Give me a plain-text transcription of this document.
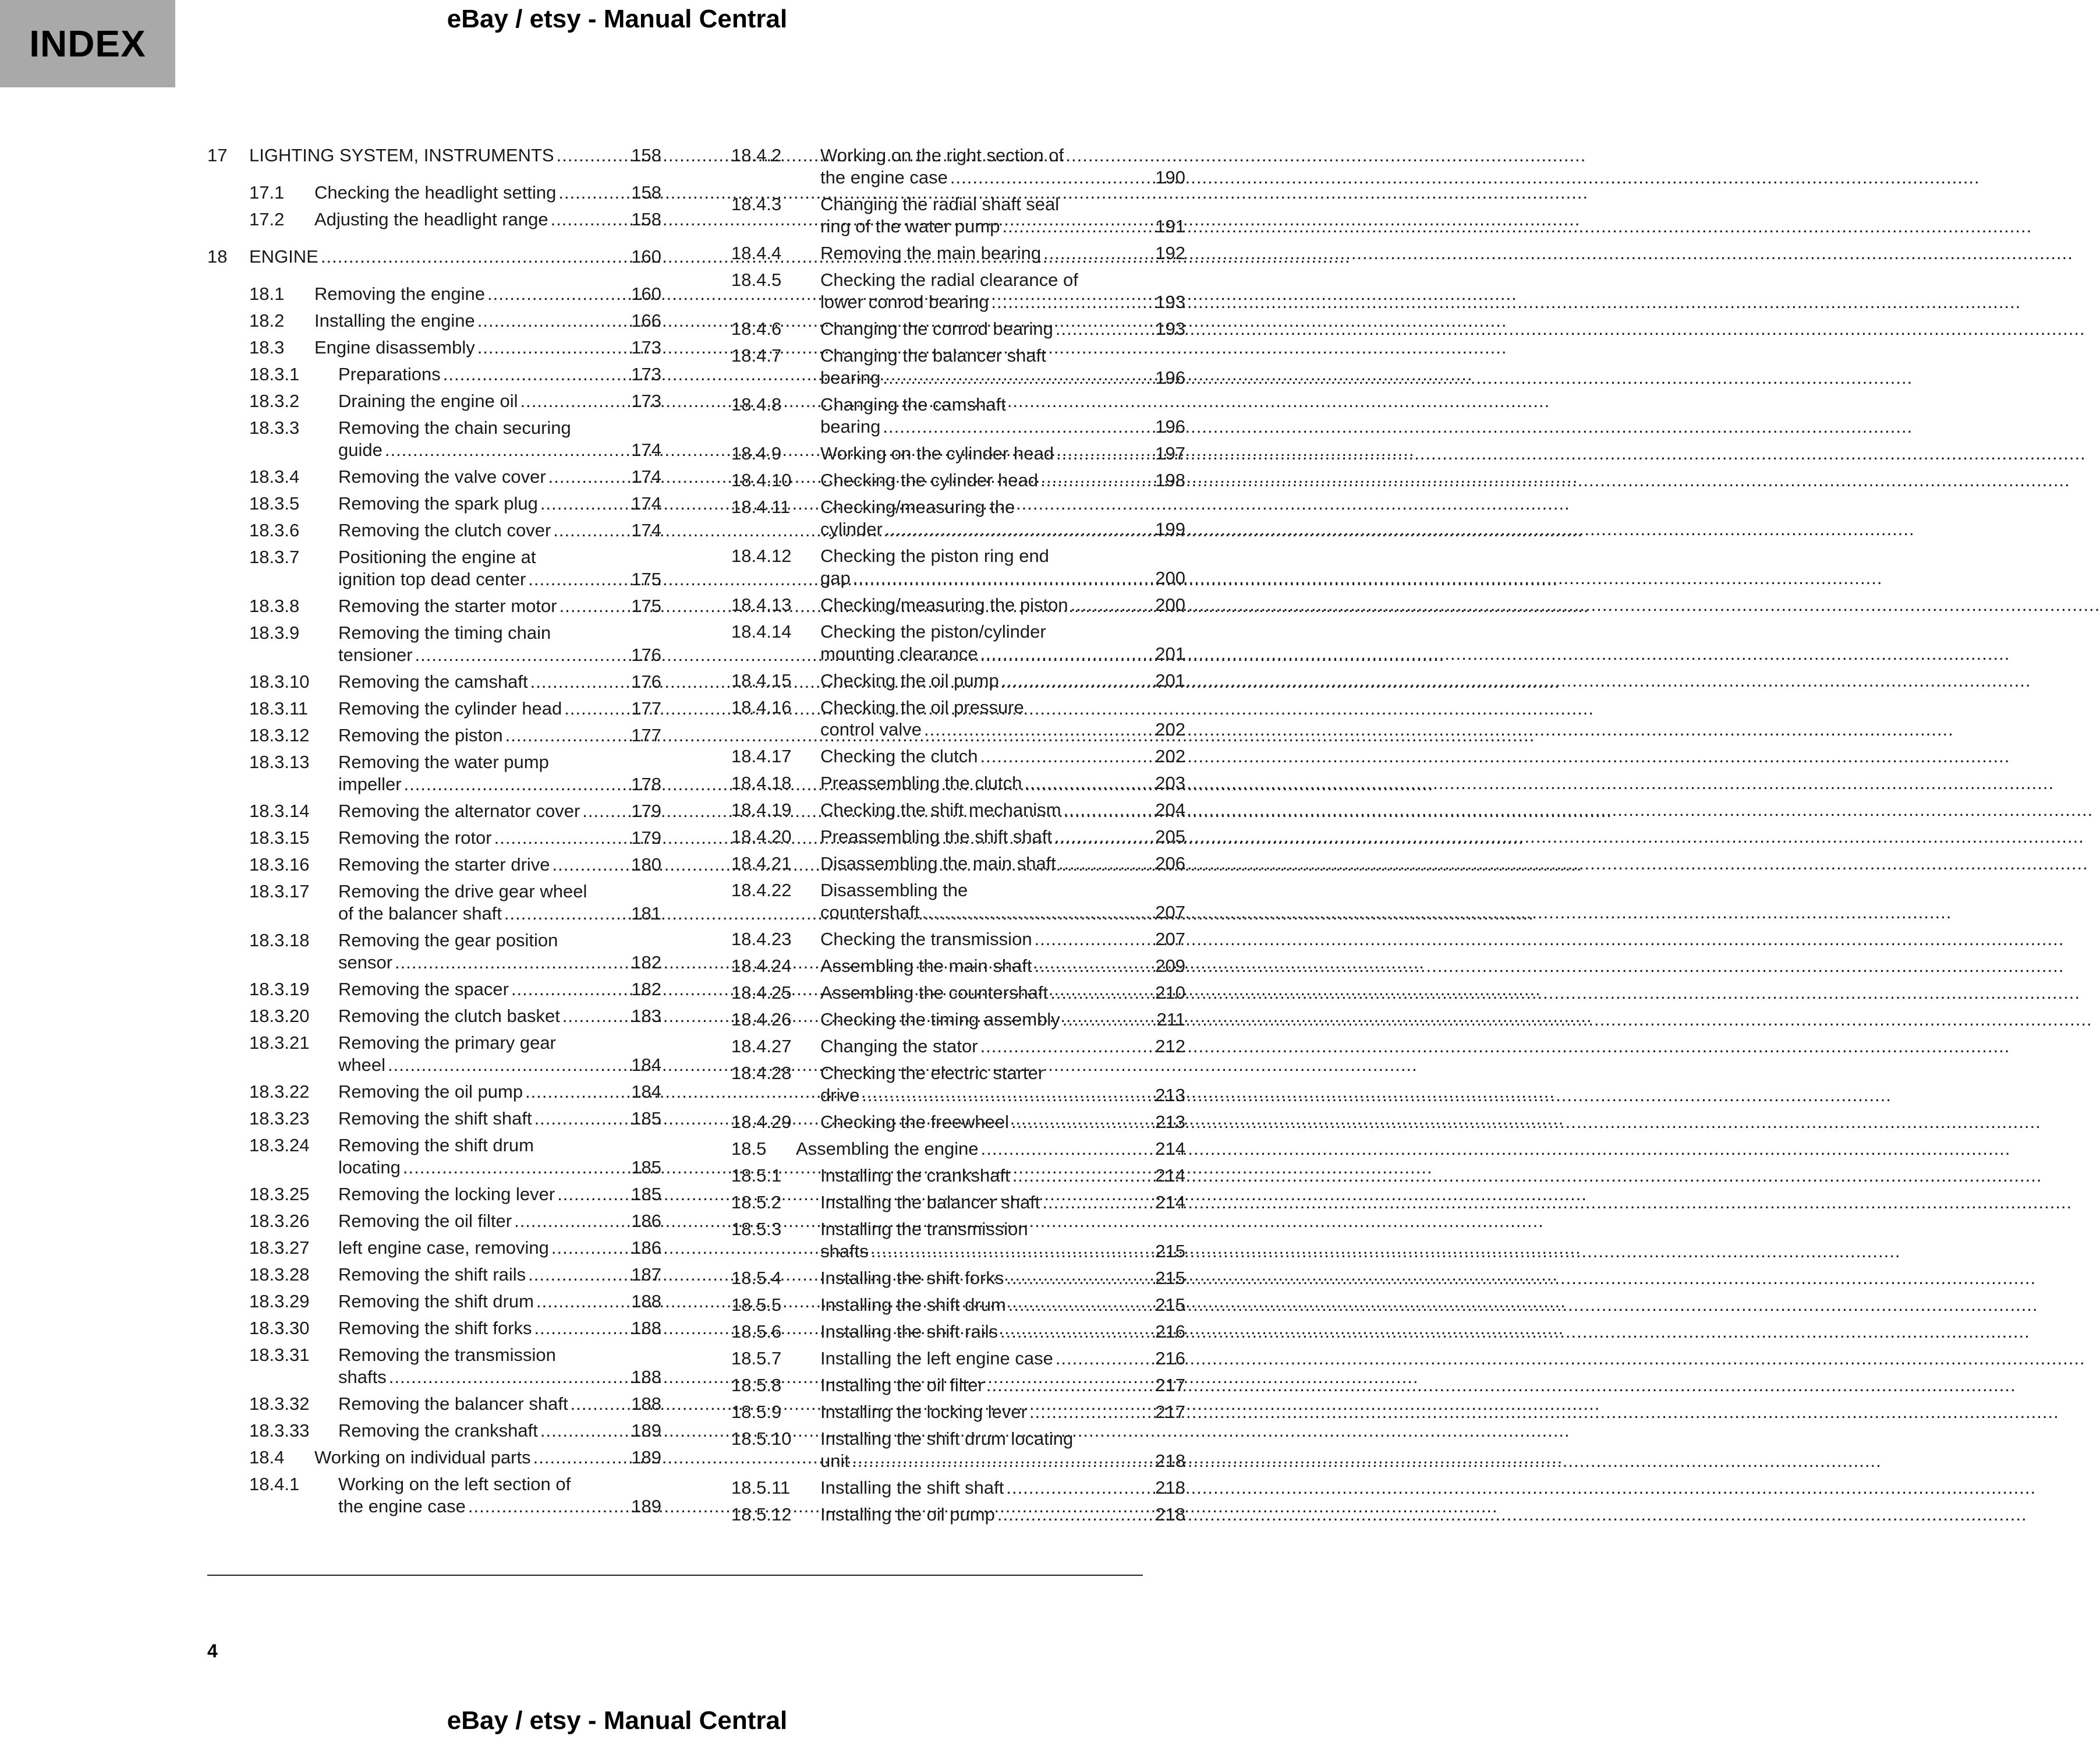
INDEX
eBay / etsy - Manual Central
17 LIGHTING SYSTEM, INSTRUMENTS .....	158
17.1 Checking the headlight setting .....	158
17.2 Adjusting the headlight range .....	158
18 ENGINE .....	160
18.1 Removing the engine .....	160
18.2 Installing the engine .....	166
18.3 Engine disassembly .....	173
18.3.1 Preparations .....	173
18.3.2 Draining the engine oil .....	173
18.3.3 Removing the chain securing
guide .....	174
18.3.4 Removing the valve cover .....	174
18.3.5 Removing the spark plug .....	174
18.3.6 Removing the clutch cover .....	174
18.3.7 Positioning the engine at
ignition top dead center .....	175
18.3.8 Removing the starter motor .....	175
18.3.9 Removing the timing chain
tensioner .....	176
18.3.10 Removing the camshaft .....	176
18.3.11 Removing the cylinder head .....	177
18.3.12 Removing the piston .....	177
18.3.13 Removing the water pump
impeller .....	178
18.3.14 Removing the alternator cover .....	179
18.3.15 Removing the rotor .....	179
18.3.16 Removing the starter drive .....	180
18.3.17 Removing the drive gear wheel
of the balancer shaft .....	181
18.3.18 Removing the gear position
sensor .....	182
18.3.19 Removing the spacer .....	182
18.3.20 Removing the clutch basket .....	183
18.3.21 Removing the primary gear
wheel .....	184
18.3.22 Removing the oil pump .....	184
18.3.23 Removing the shift shaft .....	185
18.3.24 Removing the shift drum
locating .....	185
18.3.25 Removing the locking lever .....	185
18.3.26 Removing the oil filter .....	186
18.3.27 left engine case, removing .....	186
18.3.28 Removing the shift rails .....	187
18.3.29 Removing the shift drum .....	188
18.3.30 Removing the shift forks .....	188
18.3.31 Removing the transmission
shafts .....	188
18.3.32 Removing the balancer shaft .....	188
18.3.33 Removing the crankshaft .....	189
18.4 Working on individual parts .....	189
18.4.1 Working on the left section of
the engine case .....	189
18.4.2 Working on the right section of
the engine case .....	190
18.4.3 Changing the radial shaft seal
ring of the water pump .....	191
18.4.4 Removing the main bearing .....	192
18.4.5 Checking the radial clearance of
lower conrod bearing .....	193
18.4.6 Changing the conrod bearing .....	193
18.4.7 Changing the balancer shaft
bearing .....	196
18.4.8 Changing the camshaft
bearing .....	196
18.4.9 Working on the cylinder head .....	197
18.4.10 Checking the cylinder head .....	198
18.4.11 Checking/measuring the
cylinder .....	199
18.4.12 Checking the piston ring end
gap .....	200
18.4.13 Checking/measuring the piston .....	200
18.4.14 Checking the piston/cylinder
mounting clearance .....	201
18.4.15 Checking the oil pump .....	201
18.4.16 Checking the oil pressure
control valve .....	202
18.4.17 Checking the clutch .....	202
18.4.18 Preassembling the clutch .....	203
18.4.19 Checking the shift mechanism .....	204
18.4.20 Preassembling the shift shaft .....	205
18.4.21 Disassembling the main shaft .....	206
18.4.22 Disassembling the
countershaft .....	207
18.4.23 Checking the transmission .....	207
18.4.24 Assembling the main shaft .....	209
18.4.25 Assembling the countershaft .....	210
18.4.26 Checking the timing assembly .....	211
18.4.27 Changing the stator .....	212
18.4.28 Checking the electric starter
drive .....	213
18.4.29 Checking the freewheel .....	213
18.5 Assembling the engine .....	214
18.5.1 Installing the crankshaft .....	214
18.5.2 Installing the balancer shaft .....	214
18.5.3 Installing the transmission
shafts .....	215
18.5.4 Installing the shift forks .....	215
18.5.5 Installing the shift drum .....	215
18.5.6 Installing the shift rails .....	216
18.5.7 Installing the left engine case .....	216
18.5.8 Installing the oil filter .....	217
18.5.9 Installing the locking lever .....	217
18.5.10 Installing the shift drum locating
unit .....	218
18.5.11 Installing the shift shaft .....	218
18.5.12 Installing the oil pump .....	218
4
eBay / etsy - Manual Central
